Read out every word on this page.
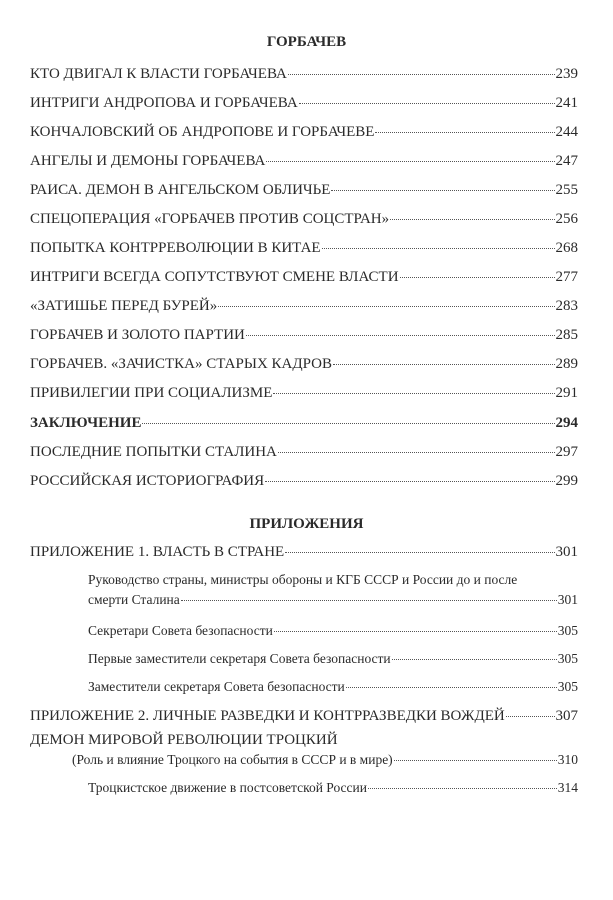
ГОРБАЧЕВ
КТО ДВИГАЛ К ВЛАСТИ ГОРБАЧЕВА	239
ИНТРИГИ АНДРОПОВА И ГОРБАЧЕВА	241
КОНЧАЛОВСКИЙ ОБ АНДРОПОВЕ И ГОРБАЧЕВЕ	244
АНГЕЛЫ И ДЕМОНЫ ГОРБАЧЕВА	247
РАИСА. ДЕМОН В АНГЕЛЬСКОМ ОБЛИЧЬЕ	255
СПЕЦОПЕРАЦИЯ «ГОРБАЧЕВ ПРОТИВ СОЦСТРАН»	256
ПОПЫТКА КОНТРРЕВОЛЮЦИИ В КИТАЕ	268
ИНТРИГИ ВСЕГДА СОПУТСТВУЮТ СМЕНЕ ВЛАСТИ	277
«ЗАТИШЬЕ ПЕРЕД БУРЕЙ»	283
ГОРБАЧЕВ И ЗОЛОТО ПАРТИИ	285
ГОРБАЧЕВ. «ЗАЧИСТКА» СТАРЫХ КАДРОВ	289
ПРИВИЛЕГИИ ПРИ СОЦИАЛИЗМЕ	291
ЗАКЛЮЧЕНИЕ	294
ПОСЛЕДНИЕ ПОПЫТКИ СТАЛИНА	297
РОССИЙСКАЯ ИСТОРИОГРАФИЯ	299
ПРИЛОЖЕНИЕ 1. ВЛАСТЬ В СТРАНЕ	301
Руководство страны, министры обороны и КГБ СССР и России до и после
смерти Сталина	301
Секретари Совета безопасности	305
Первые заместители секретаря Совета безопасности	305
Заместители секретаря Совета безопасности	305
ПРИЛОЖЕНИЕ 2. ЛИЧНЫЕ РАЗВЕДКИ И КОНТРРАЗВЕДКИ ВОЖДЕЙ	307
ДЕМОН МИРОВОЙ РЕВОЛЮЦИИ ТРОЦКИЙ
(Роль и влияние Троцкого на события в СССР и в мире)	310
Троцкистское движение в постсоветской России	314
ПРИЛОЖЕНИЯ
